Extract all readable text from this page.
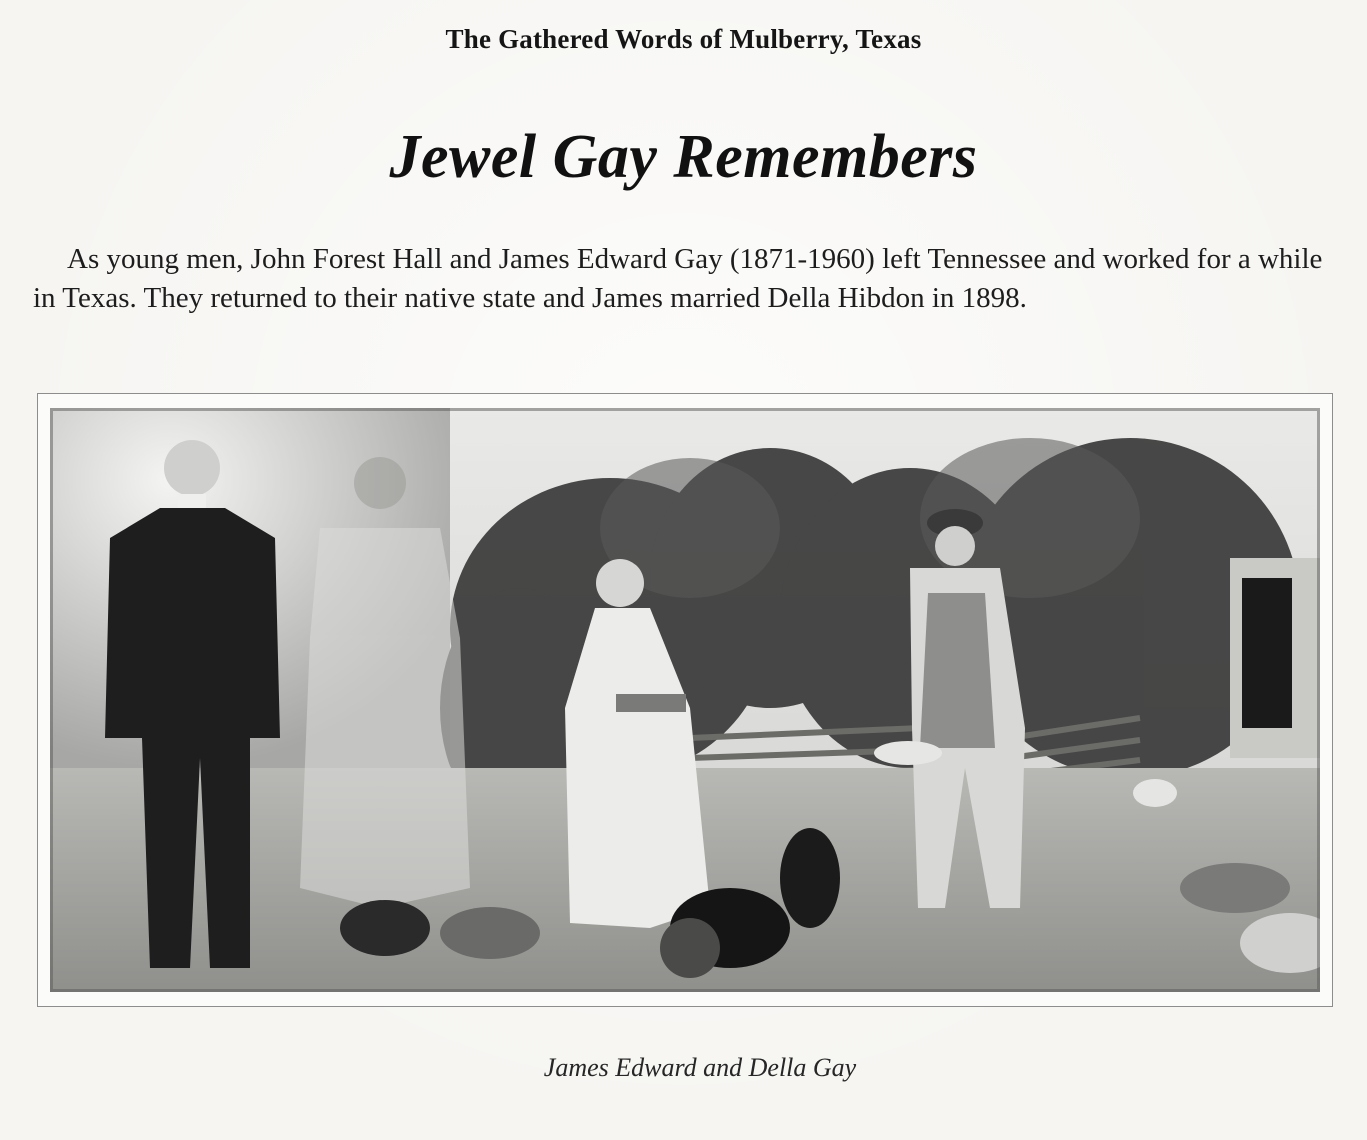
The Gathered Words of Mulberry, Texas
Jewel Gay Remembers

As young men, John Forest Hall and James Edward Gay (1871-1960) left Tennessee and worked for a while in Texas. They returned to their native state and James married Della Hibdon in 1898.

James Edward and Della Gay
